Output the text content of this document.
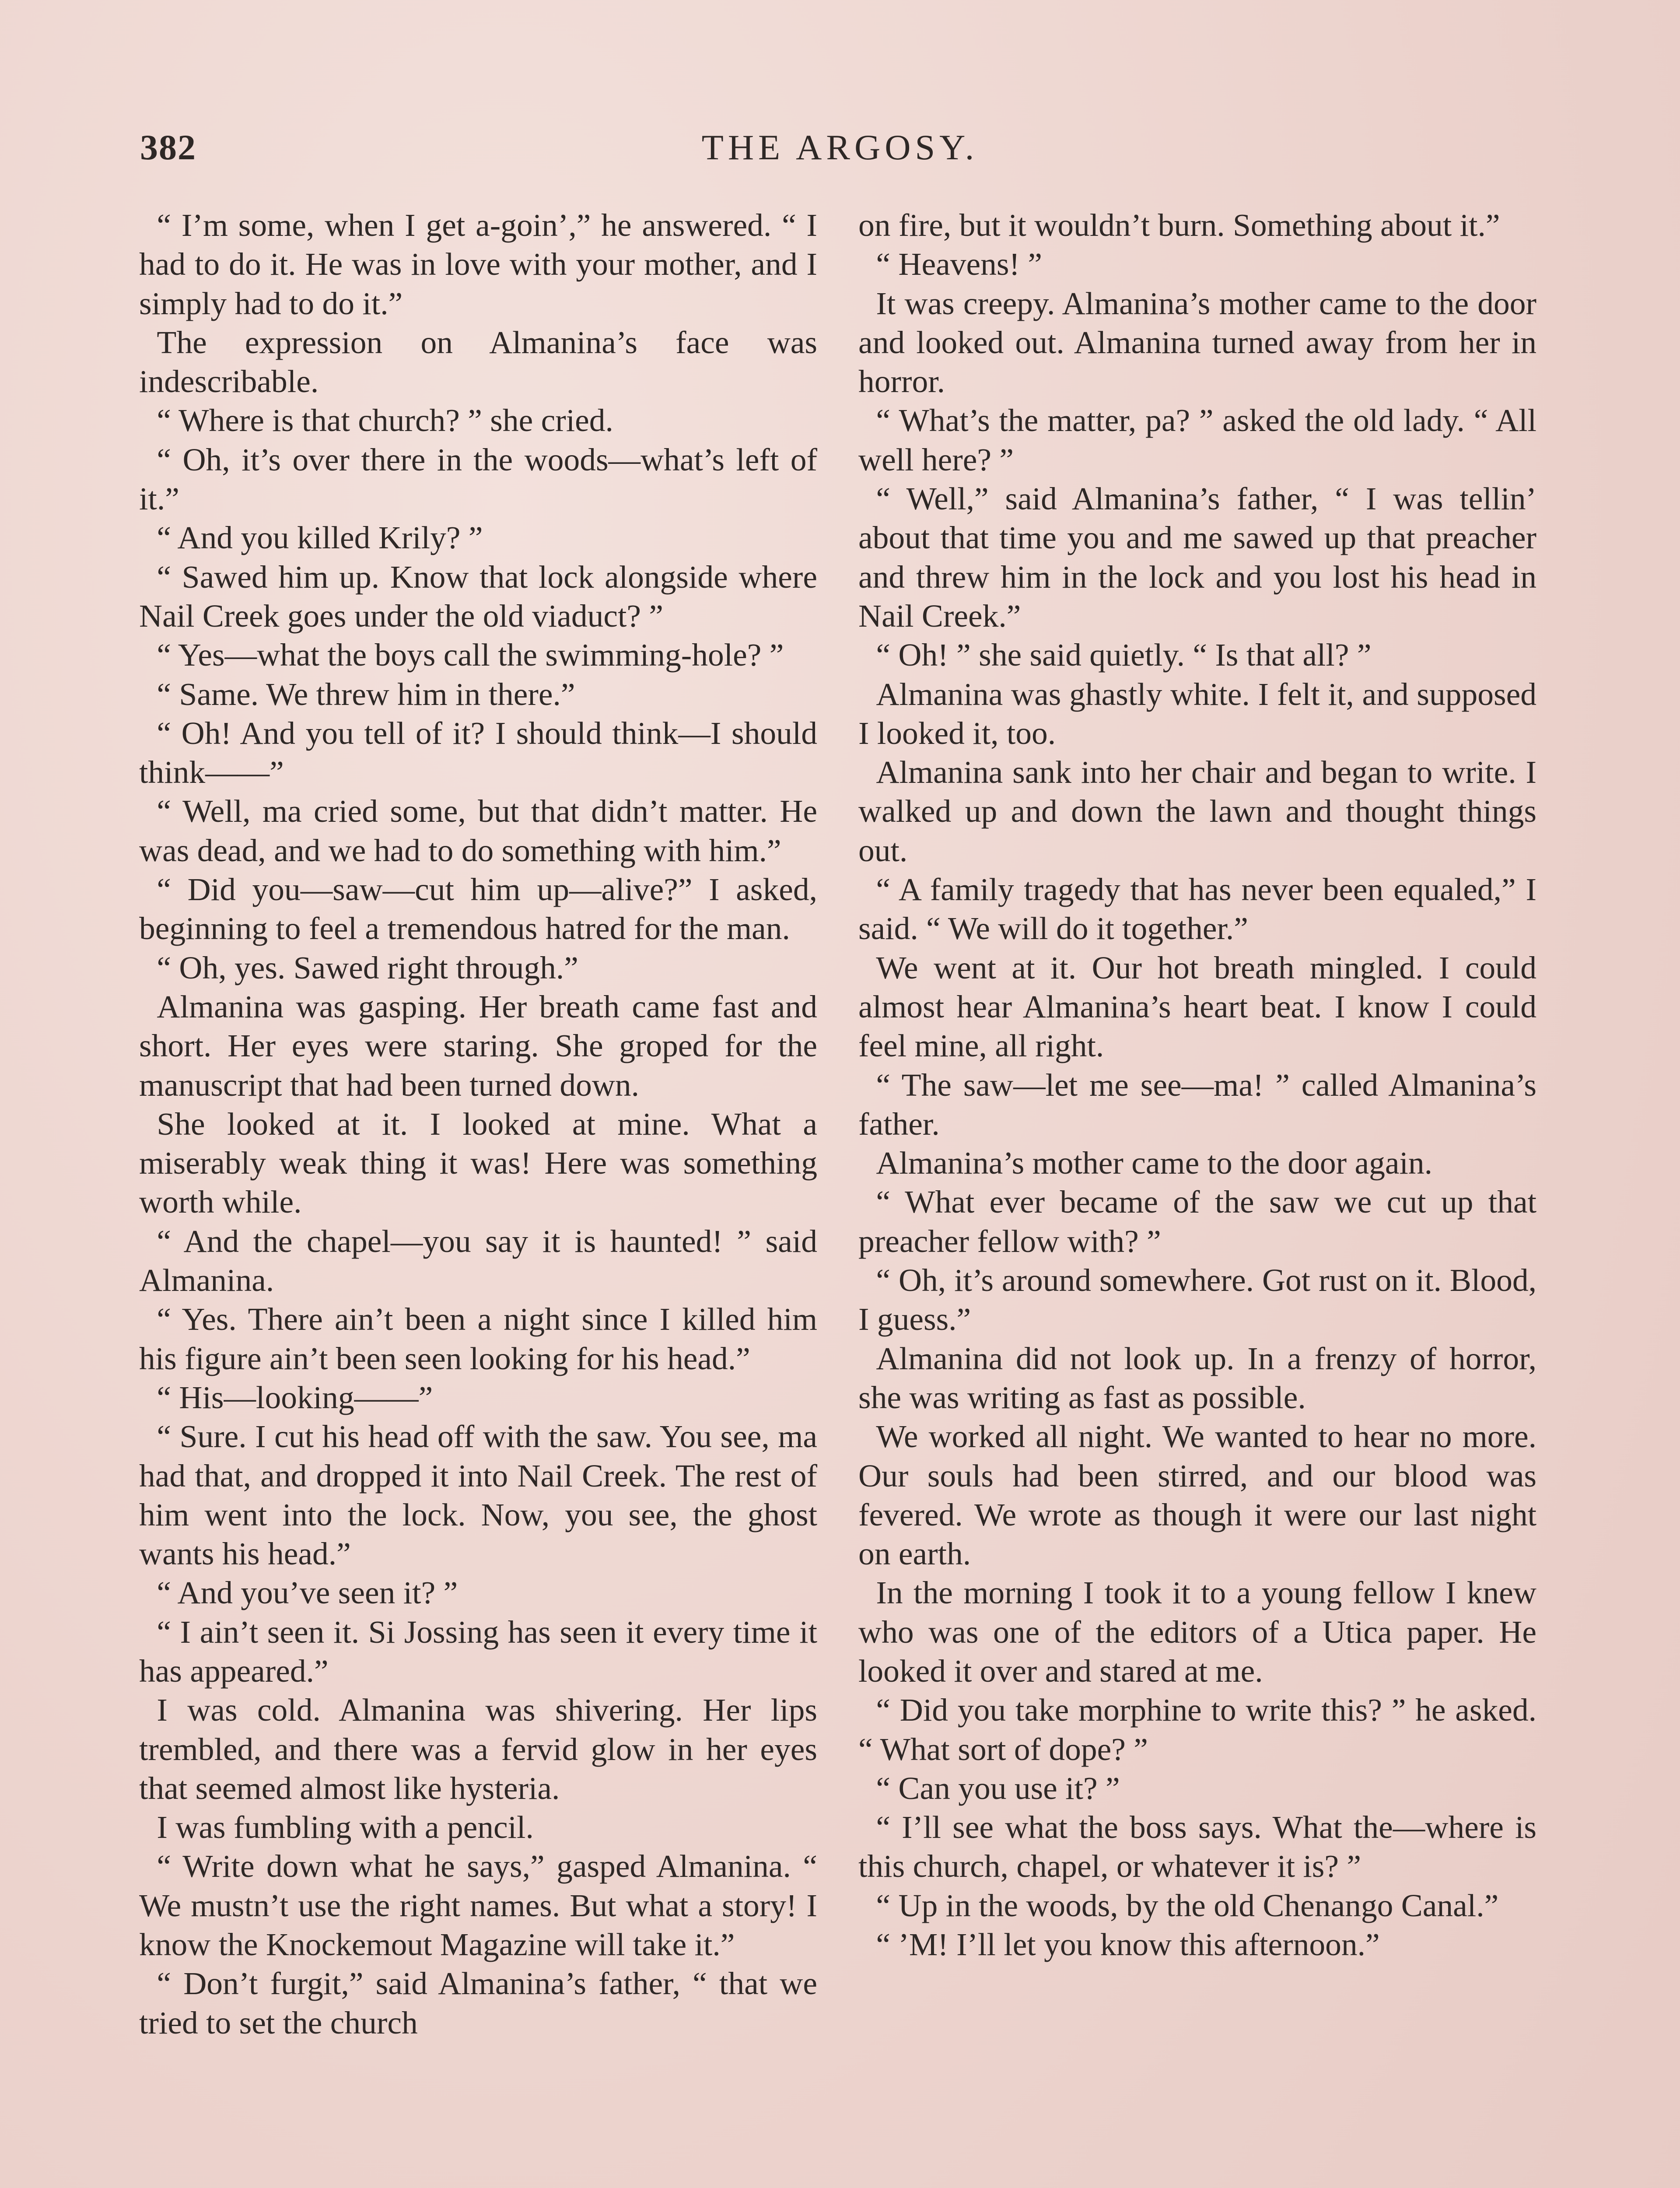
382	THE ARGOSY.

“ I’m some, when I get a-goin’,” he answered. “ I had to do it. He was in love with your mother, and I simply had to do it.”

The expression on Almanina’s face was indescribable.

“ Where is that church? ” she cried.

“ Oh, it’s over there in the woods—what’s left of it.”

“ And you killed Krily? ”

“ Sawed him up. Know that lock alongside where Nail Creek goes under the old viaduct? ”

“ Yes—what the boys call the swimming-hole? ”

“ Same. We threw him in there.”

“ Oh! And you tell of it? I should think—I should think——”

“ Well, ma cried some, but that didn’t matter. He was dead, and we had to do something with him.”

“ Did you—saw—cut him up—alive?” I asked, beginning to feel a tremendous hatred for the man.

“ Oh, yes. Sawed right through.”

Almanina was gasping. Her breath came fast and short. Her eyes were staring. She groped for the manuscript that had been turned down.

She looked at it. I looked at mine. What a miserably weak thing it was! Here was something worth while.

“ And the chapel—you say it is haunted! ” said Almanina.

“ Yes. There ain’t been a night since I killed him his figure ain’t been seen looking for his head.”

“ His—looking——”

“ Sure. I cut his head off with the saw. You see, ma had that, and dropped it into Nail Creek. The rest of him went into the lock. Now, you see, the ghost wants his head.”

“ And you’ve seen it? ”

“ I ain’t seen it. Si Jossing has seen it every time it has appeared.”

I was cold. Almanina was shivering. Her lips trembled, and there was a fervid glow in her eyes that seemed almost like hysteria.

I was fumbling with a pencil.

“ Write down what he says,” gasped Almanina. “ We mustn’t use the right names. But what a story! I know the Knockemout Magazine will take it.”

“ Don’t furgit,” said Almanina’s father, “ that we tried to set the church

on fire, but it wouldn’t burn. Something about it.”

“ Heavens! ”

It was creepy. Almanina’s mother came to the door and looked out. Almanina turned away from her in horror.

“ What’s the matter, pa? ” asked the old lady. “ All well here? ”

“ Well,” said Almanina’s father, “ I was tellin’ about that time you and me sawed up that preacher and threw him in the lock and you lost his head in Nail Creek.”

“ Oh! ” she said quietly. “ Is that all? ”

Almanina was ghastly white. I felt it, and supposed I looked it, too.

Almanina sank into her chair and began to write. I walked up and down the lawn and thought things out.

“ A family tragedy that has never been equaled,” I said. “ We will do it together.”

We went at it. Our hot breath mingled. I could almost hear Almanina’s heart beat. I know I could feel mine, all right.

“ The saw—let me see—ma! ” called Almanina’s father.

Almanina’s mother came to the door again.

“ What ever became of the saw we cut up that preacher fellow with? ”

“ Oh, it’s around somewhere. Got rust on it. Blood, I guess.”

Almanina did not look up. In a frenzy of horror, she was writing as fast as possible.

We worked all night. We wanted to hear no more. Our souls had been stirred, and our blood was fevered. We wrote as though it were our last night on earth.

In the morning I took it to a young fellow I knew who was one of the editors of a Utica paper. He looked it over and stared at me.

“ Did you take morphine to write this? ” he asked. “ What sort of dope? ”

“ Can you use it? ”

“ I’ll see what the boss says. What the—where is this church, chapel, or whatever it is? ”

“ Up in the woods, by the old Chenango Canal.”

“ ’M! I’ll let you know this afternoon.”
